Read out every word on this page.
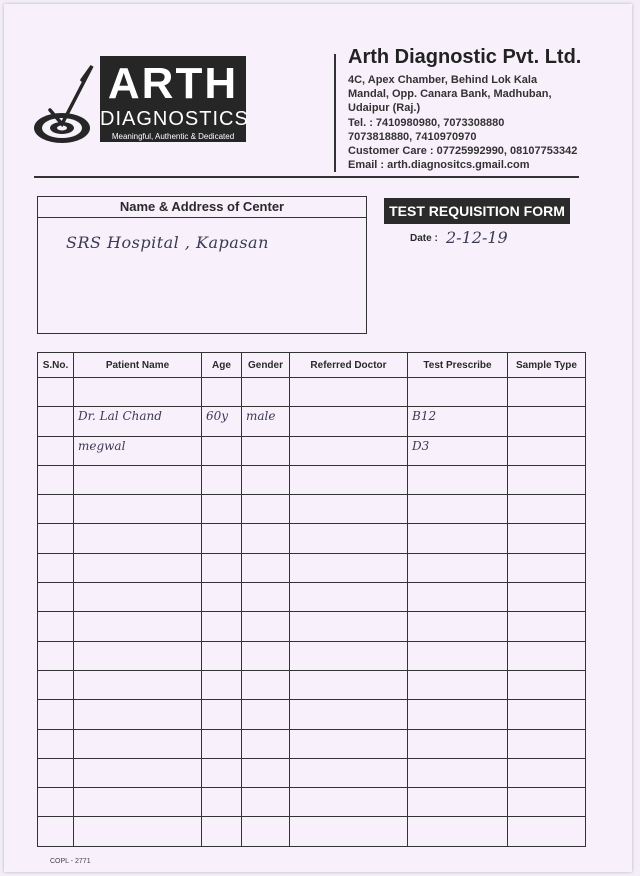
ARTH
DIAGNOSTICS
Meaningful, Authentic & Dedicated
Arth Diagnostic Pvt. Ltd.
4C, Apex Chamber, Behind Lok Kala
Mandal, Opp. Canara Bank, Madhuban,
Udaipur (Raj.)
Tel. : 7410980980, 7073308880
7073818880, 7410970970
Customer Care : 07725992990, 08107753342
Email : arth.diagnositcs.gmail.com
Name & Address of Center
SRS Hospital , Kapasan
TEST REQUISITION FORM
Date : 2-12-19
S.No.	Patient Name	Age	Gender	Referred Doctor	Test Prescribe	Sample Type

	Dr. Lal Chand	60y	male		B12	

	megwal				D3	

COPL - 2771
